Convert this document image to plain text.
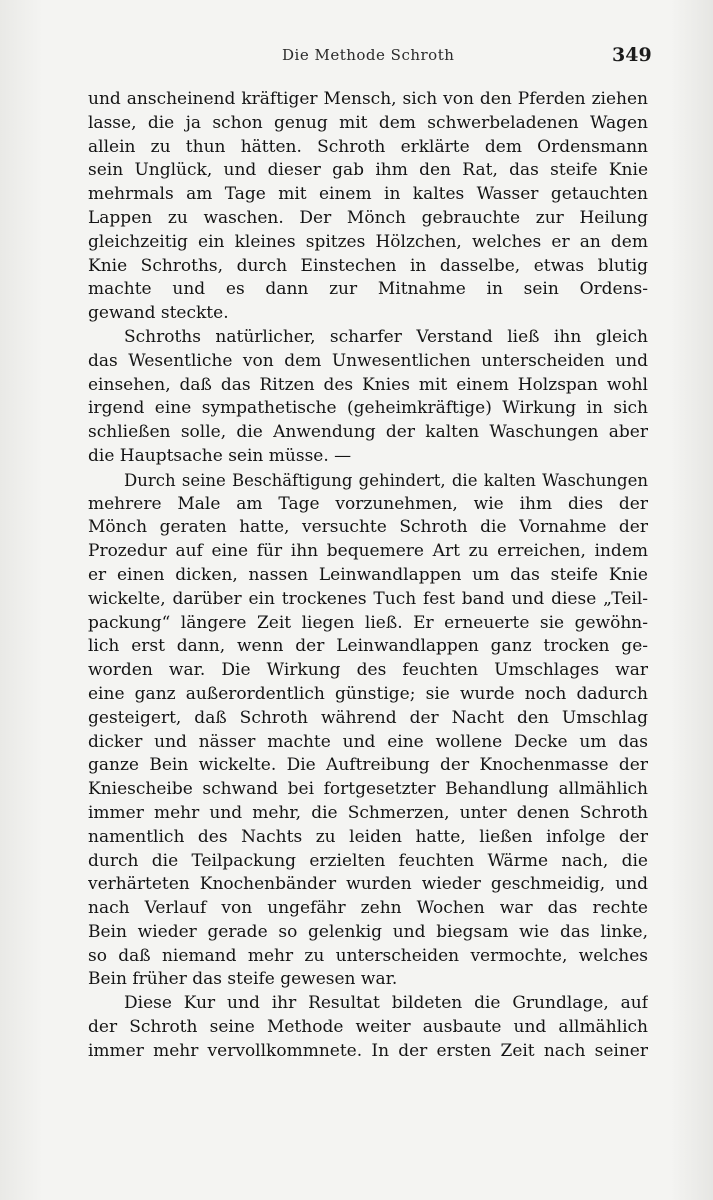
Die Methode Schroth	349
und anscheinend kräftiger Mensch, sich von den Pferden ziehen
lasse, die ja schon genug mit dem schwerbeladenen Wagen
allein zu thun hätten. Schroth erklärte dem Ordensmann
sein Unglück, und dieser gab ihm den Rat, das steife Knie
mehrmals am Tage mit einem in kaltes Wasser getauchten
Lappen zu waschen. Der Mönch gebrauchte zur Heilung
gleichzeitig ein kleines spitzes Hölzchen, welches er an dem
Knie Schroths, durch Einstechen in dasselbe, etwas blutig
machte und es dann zur Mitnahme in sein Ordens-
gewand steckte.
Schroths natürlicher, scharfer Verstand ließ ihn gleich
das Wesentliche von dem Unwesentlichen unterscheiden und
einsehen, daß das Ritzen des Knies mit einem Holzspan wohl
irgend eine sympathetische (geheimkräftige) Wirkung in sich
schließen solle, die Anwendung der kalten Waschungen aber
die Hauptsache sein müsse. —
Durch seine Beschäftigung gehindert, die kalten Waschungen
mehrere Male am Tage vorzunehmen, wie ihm dies der
Mönch geraten hatte, versuchte Schroth die Vornahme der
Prozedur auf eine für ihn bequemere Art zu erreichen, indem
er einen dicken, nassen Leinwandlappen um das steife Knie
wickelte, darüber ein trockenes Tuch fest band und diese „Teil-
packung“ längere Zeit liegen ließ. Er erneuerte sie gewöhn-
lich erst dann, wenn der Leinwandlappen ganz trocken ge-
worden war. Die Wirkung des feuchten Umschlages war
eine ganz außerordentlich günstige; sie wurde noch dadurch
gesteigert, daß Schroth während der Nacht den Umschlag
dicker und nässer machte und eine wollene Decke um das
ganze Bein wickelte. Die Auftreibung der Knochenmasse der
Kniescheibe schwand bei fortgesetzter Behandlung allmählich
immer mehr und mehr, die Schmerzen, unter denen Schroth
namentlich des Nachts zu leiden hatte, ließen infolge der
durch die Teilpackung erzielten feuchten Wärme nach, die
verhärteten Knochenbänder wurden wieder geschmeidig, und
nach Verlauf von ungefähr zehn Wochen war das rechte
Bein wieder gerade so gelenkig und biegsam wie das linke,
so daß niemand mehr zu unterscheiden vermochte, welches
Bein früher das steife gewesen war.
Diese Kur und ihr Resultat bildeten die Grundlage, auf
der Schroth seine Methode weiter ausbaute und allmählich
immer mehr vervollkommnete. In der ersten Zeit nach seiner
